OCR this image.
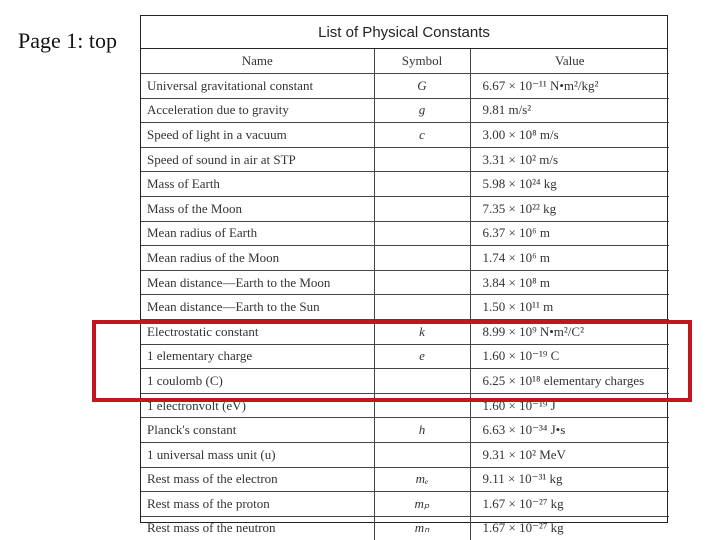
Page 1: top	List of Physical Constants
Name	Symbol	Value
Universal gravitational constant	G	6.67 × 10⁻¹¹ N•m²/kg²
Acceleration due to gravity	g	9.81 m/s²
Speed of light in a vacuum	c	3.00 × 10⁸ m/s
Speed of sound in air at STP		3.31 × 10² m/s
Mass of Earth		5.98 × 10²⁴ kg
Mass of the Moon		7.35 × 10²² kg
Mean radius of Earth		6.37 × 10⁶ m
Mean radius of the Moon		1.74 × 10⁶ m
Mean distance—Earth to the Moon		3.84 × 10⁸ m
Mean distance—Earth to the Sun		1.50 × 10¹¹ m
Electrostatic constant	k	8.99 × 10⁹ N•m²/C²
1 elementary charge	e	1.60 × 10⁻¹⁹ C
1 coulomb (C)		6.25 × 10¹⁸ elementary charges
1 electronvolt (eV)		1.60 × 10⁻¹⁹ J
Planck's constant	h	6.63 × 10⁻³⁴ J•s
1 universal mass unit (u)		9.31 × 10² MeV
Rest mass of the electron	mₑ	9.11 × 10⁻³¹ kg
Rest mass of the proton	mₚ	1.67 × 10⁻²⁷ kg
Rest mass of the neutron	mₙ	1.67 × 10⁻²⁷ kg
